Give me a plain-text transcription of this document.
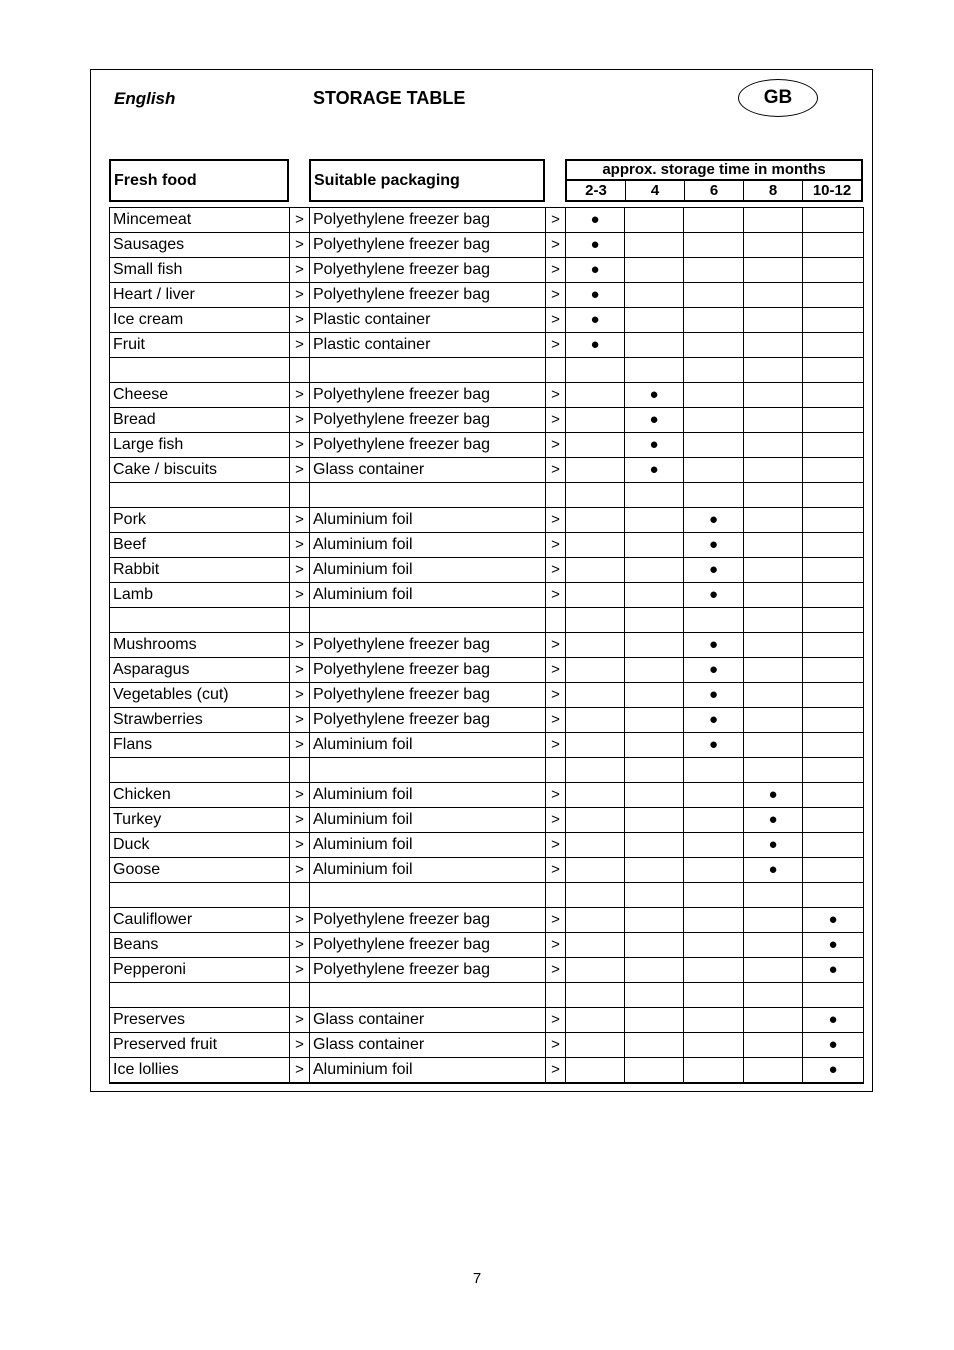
English	STORAGE TABLE	GB
Fresh food	Suitable packaging
approx. storage time in months
2-3	4	6	8	10-12
Mincemeat	>	Polyethylene freezer bag	>	●				
Sausages	>	Polyethylene freezer bag	>	●				
Small fish	>	Polyethylene freezer bag	>	●				
Heart / liver	>	Polyethylene freezer bag	>	●				
Ice cream	>	Plastic container	>	●				
Fruit	>	Plastic container	>	●				

Cheese	>	Polyethylene freezer bag	>		●			
Bread	>	Polyethylene freezer bag	>		●			
Large fish	>	Polyethylene freezer bag	>		●			
Cake / biscuits	>	Glass container	>		●			

Pork	>	Aluminium foil	>			●		
Beef	>	Aluminium foil	>			●		
Rabbit	>	Aluminium foil	>			●		
Lamb	>	Aluminium foil	>			●		

Mushrooms	>	Polyethylene freezer bag	>			●		
Asparagus	>	Polyethylene freezer bag	>			●		
Vegetables (cut)	>	Polyethylene freezer bag	>			●		
Strawberries	>	Polyethylene freezer bag	>			●		
Flans	>	Aluminium foil	>			●		

Chicken	>	Aluminium foil	>				●	
Turkey	>	Aluminium foil	>				●	
Duck	>	Aluminium foil	>				●	
Goose	>	Aluminium foil	>				●	

Cauliflower	>	Polyethylene freezer bag	>					●
Beans	>	Polyethylene freezer bag	>					●
Pepperoni	>	Polyethylene freezer bag	>					●

Preserves	>	Glass container	>					●
Preserved fruit	>	Glass container	>					●
Ice lollies	>	Aluminium foil	>					●
7
